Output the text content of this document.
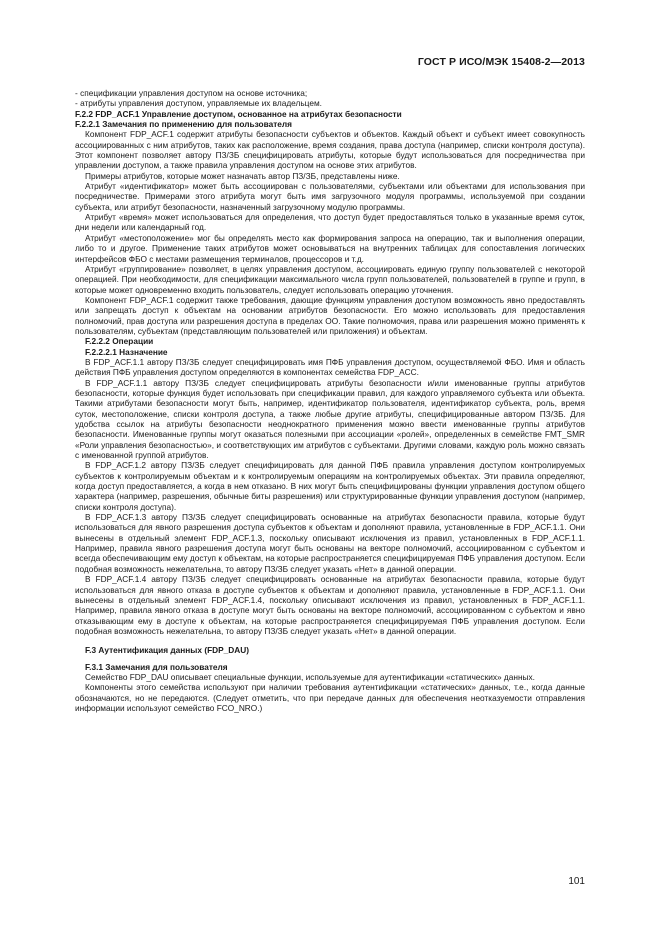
ГОСТ Р ИСО/МЭК 15408-2—2013

- спецификации управления доступом на основе источника;

- атрибуты управления доступом, управляемые их владельцем.

F.2.2 FDP_ACF.1 Управление доступом, основанное на атрибутах безопасности

F.2.2.1 Замечания по применению для пользователя

Компонент FDP_ACF.1 содержит атрибуты безопасности субъектов и объектов. Каждый объект и субъект имеет совокупность ассоциированных с ним атрибутов, таких как расположение, время создания, права доступа (например, списки контроля доступа). Этот компонент позволяет автору ПЗ/ЗБ специфицировать атрибуты, которые будут использоваться для посредничества при управлении доступом, а также правила управления доступом на основе этих атрибутов.

Примеры атрибутов, которые может назначать автор ПЗ/ЗБ, представлены ниже.

Атрибут «идентификатор» может быть ассоциирован с пользователями, субъектами или объектами для использования при посредничестве. Примерами этого атрибута могут быть имя загрузочного модуля программы, используемой при создании субъекта, или атрибут безопасности, назначенный загрузочному модулю программы.

Атрибут «время» может использоваться для определения, что доступ будет предоставляться только в указанные время суток, дни недели или календарный год.

Атрибут «местоположение» мог бы определять место как формирования запроса на операцию, так и выполнения операции, либо то и другое. Применение таких атрибутов может основываться на внутренних таблицах для сопоставления логических интерфейсов ФБО с местами размещения терминалов, процессоров и т.д.

Атрибут «группирование» позволяет, в целях управления доступом, ассоциировать единую группу пользователей с некоторой операцией. При необходимости, для спецификации максимального числа групп пользователей, пользователей в группе и групп, в которые может одновременно входить пользователь, следует использовать операцию уточнения.

Компонент FDP_ACF.1 содержит также требования, дающие функциям управления доступом возможность явно предоставлять или запрещать доступ к объектам на основании атрибутов безопасности. Его можно использовать для предоставления полномочий, прав доступа или разрешения доступа в пределах ОО. Такие полномочия, права или разрешения можно применять к пользователям, субъектам (представляющим пользователей или приложения) и объектам.

F.2.2.2 Операции

F.2.2.2.1 Назначение

В FDP_ACF.1.1 автору ПЗ/ЗБ следует специфицировать имя ПФБ управления доступом, осуществляемой ФБО. Имя и область действия ПФБ управления доступом определяются в компонентах семейства FDP_ACC.

В FDP_ACF.1.1 автору ПЗ/ЗБ следует специфицировать атрибуты безопасности и/или именованные группы атрибутов безопасности, которые функция будет использовать при спецификации правил, для каждого управляемого субъекта или объекта. Такими атрибутами безопасности могут быть, например, идентификатор пользователя, идентификатор субъекта, роль, время суток, местоположение, списки контроля доступа, а также любые другие атрибуты, специфицированные автором ПЗ/ЗБ. Для удобства ссылок на атрибуты безопасности неоднократного применения можно ввести именованные группы атрибутов безопасности. Именованные группы могут оказаться полезными при ассоциации «ролей», определенных в семействе FMT_SMR «Роли управления безопасностью», и соответствующих им атрибутов с субъектами. Другими словами, каждую роль можно связать с именованной группой атрибутов.

В FDP_ACF.1.2 автору ПЗ/ЗБ следует специфицировать для данной ПФБ правила управления доступом контролируемых субъектов к контролируемым объектам и к контролируемым операциям на контролируемых объектах. Эти правила определяют, когда доступ предоставляется, а когда в нем отказано. В них могут быть специфицированы функции управления доступом общего характера (например, разрешения, обычные биты разрешения) или структурированные функции управления доступом (например, списки контроля доступа).

В FDP_ACF.1.3 автору ПЗ/ЗБ следует специфицировать основанные на атрибутах безопасности правила, которые будут использоваться для явного разрешения доступа субъектов к объектам и дополняют правила, установленные в FDP_ACF.1.1. Они вынесены в отдельный элемент FDP_ACF.1.3, поскольку описывают исключения из правил, установленных в FDP_ACF.1.1. Например, правила явного разрешения доступа могут быть основаны на векторе полномочий, ассоциированном с субъектом и всегда обеспечивающим ему доступ к объектам, на которые распространяется специфицируемая ПФБ управления доступом. Если подобная возможность нежелательна, то автору ПЗ/ЗБ следует указать «Нет» в данной операции.

В FDP_ACF.1.4 автору ПЗ/ЗБ следует специфицировать основанные на атрибутах безопасности правила, которые будут использоваться для явного отказа в доступе субъектов к объектам и дополняют правила, установленные в FDP_ACF.1.1. Они вынесены в отдельный элемент FDP_ACF.1.4, поскольку описывают исключения из правил, установленных в FDP_ACF.1.1. Например, правила явного отказа в доступе могут быть основаны на векторе полномочий, ассоциированном с субъектом и явно отказывающим ему в доступе к объектам, на которые распространяется специфицируемая ПФБ управления доступом. Если подобная возможность нежелательна, то автору ПЗ/ЗБ следует указать «Нет» в данной операции.

F.3 Аутентификация данных (FDP_DAU)

F.3.1 Замечания для пользователя

Семейство FDP_DAU описывает специальные функции, используемые для аутентификации «статических» данных.

Компоненты этого семейства используют при наличии требования аутентификации «статических» данных, т.е., когда данные обозначаются, но не передаются. (Следует отметить, что при передаче данных для обеспечения неотказуемости отправления информации используют семейство FCO_NRO.)

101
